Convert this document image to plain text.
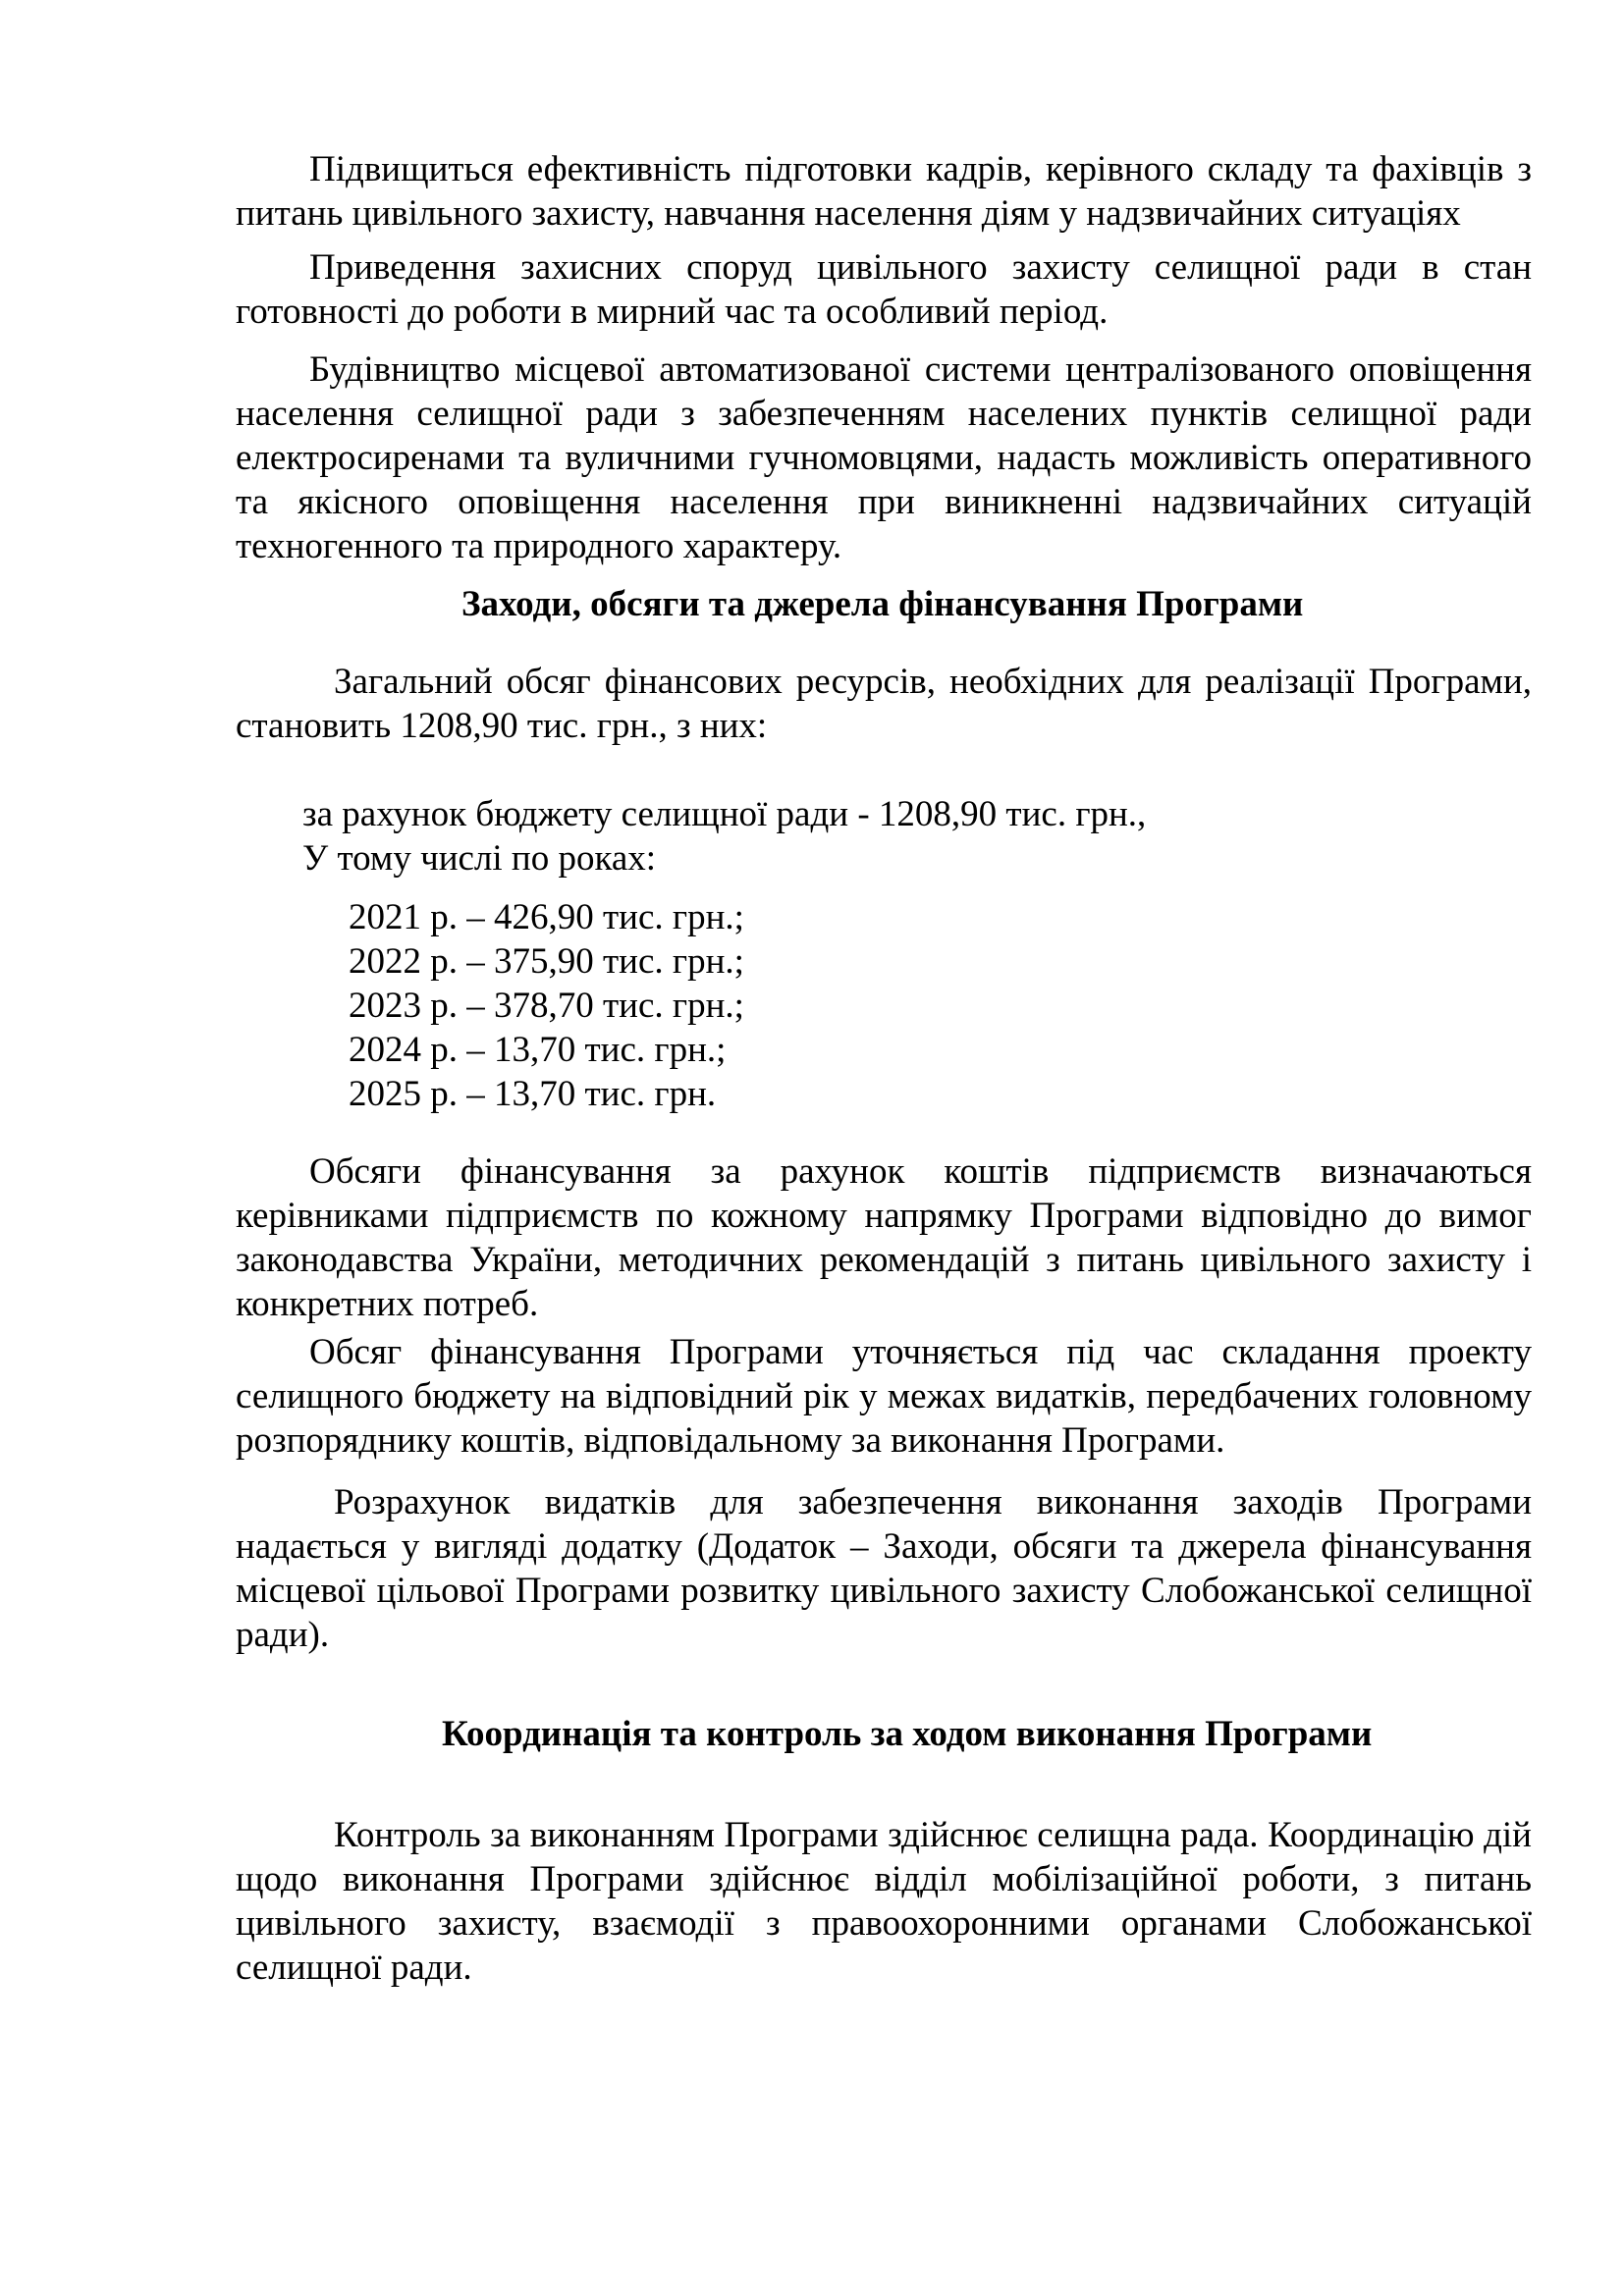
Підвищиться ефективність підготовки кадрів, керівного складу та фахівців з питань цивільного захисту, навчання населення діям у надзвичайних ситуаціях

Приведення захисних споруд цивільного захисту селищної ради в стан готовності до роботи в мирний час та особливий період.

Будівництво місцевої автоматизованої системи централізованого оповіщення населення селищної ради з забезпеченням населених пунктів селищної ради електросиренами та вуличними гучномовцями, надасть можливість оперативного та якісного оповіщення населення при виникненні надзвичайних ситуацій техногенного та природного характеру.

Заходи, обсяги та джерела фінансування Програми

Загальний обсяг фінансових ресурсів, необхідних для реалізації Програми, становить 1208,90 тис. грн., з них:

за рахунок бюджету селищної ради - 1208,90 тис. грн.,

У тому числі по роках:

2021 р. – 426,90 тис. грн.;
2022 р. – 375,90 тис. грн.;
2023 р. – 378,70 тис. грн.;
2024 р. – 13,70 тис. грн.;
2025 р. – 13,70 тис. грн.

Обсяги фінансування за рахунок коштів підприємств визначаються керівниками підприємств по кожному напрямку Програми відповідно до вимог законодавства України, методичних рекомендацій з питань цивільного захисту і конкретних потреб.

Обсяг фінансування Програми уточняється під час складання проекту селищного бюджету на відповідний рік у межах видатків, передбачених головному розпоряднику коштів, відповідальному за виконання Програми.

Розрахунок видатків для забезпечення виконання заходів Програми надається у вигляді додатку (Додаток – Заходи, обсяги та джерела фінансування місцевої цільової Програми розвитку цивільного захисту Слобожанської селищної ради).

Координація та контроль за ходом виконання Програми

Контроль за виконанням Програми здійснює селищна рада. Координацію дій щодо виконання Програми здійснює відділ мобілізаційної роботи, з питань цивільного захисту, взаємодії з правоохоронними органами Слобожанської селищної ради.
